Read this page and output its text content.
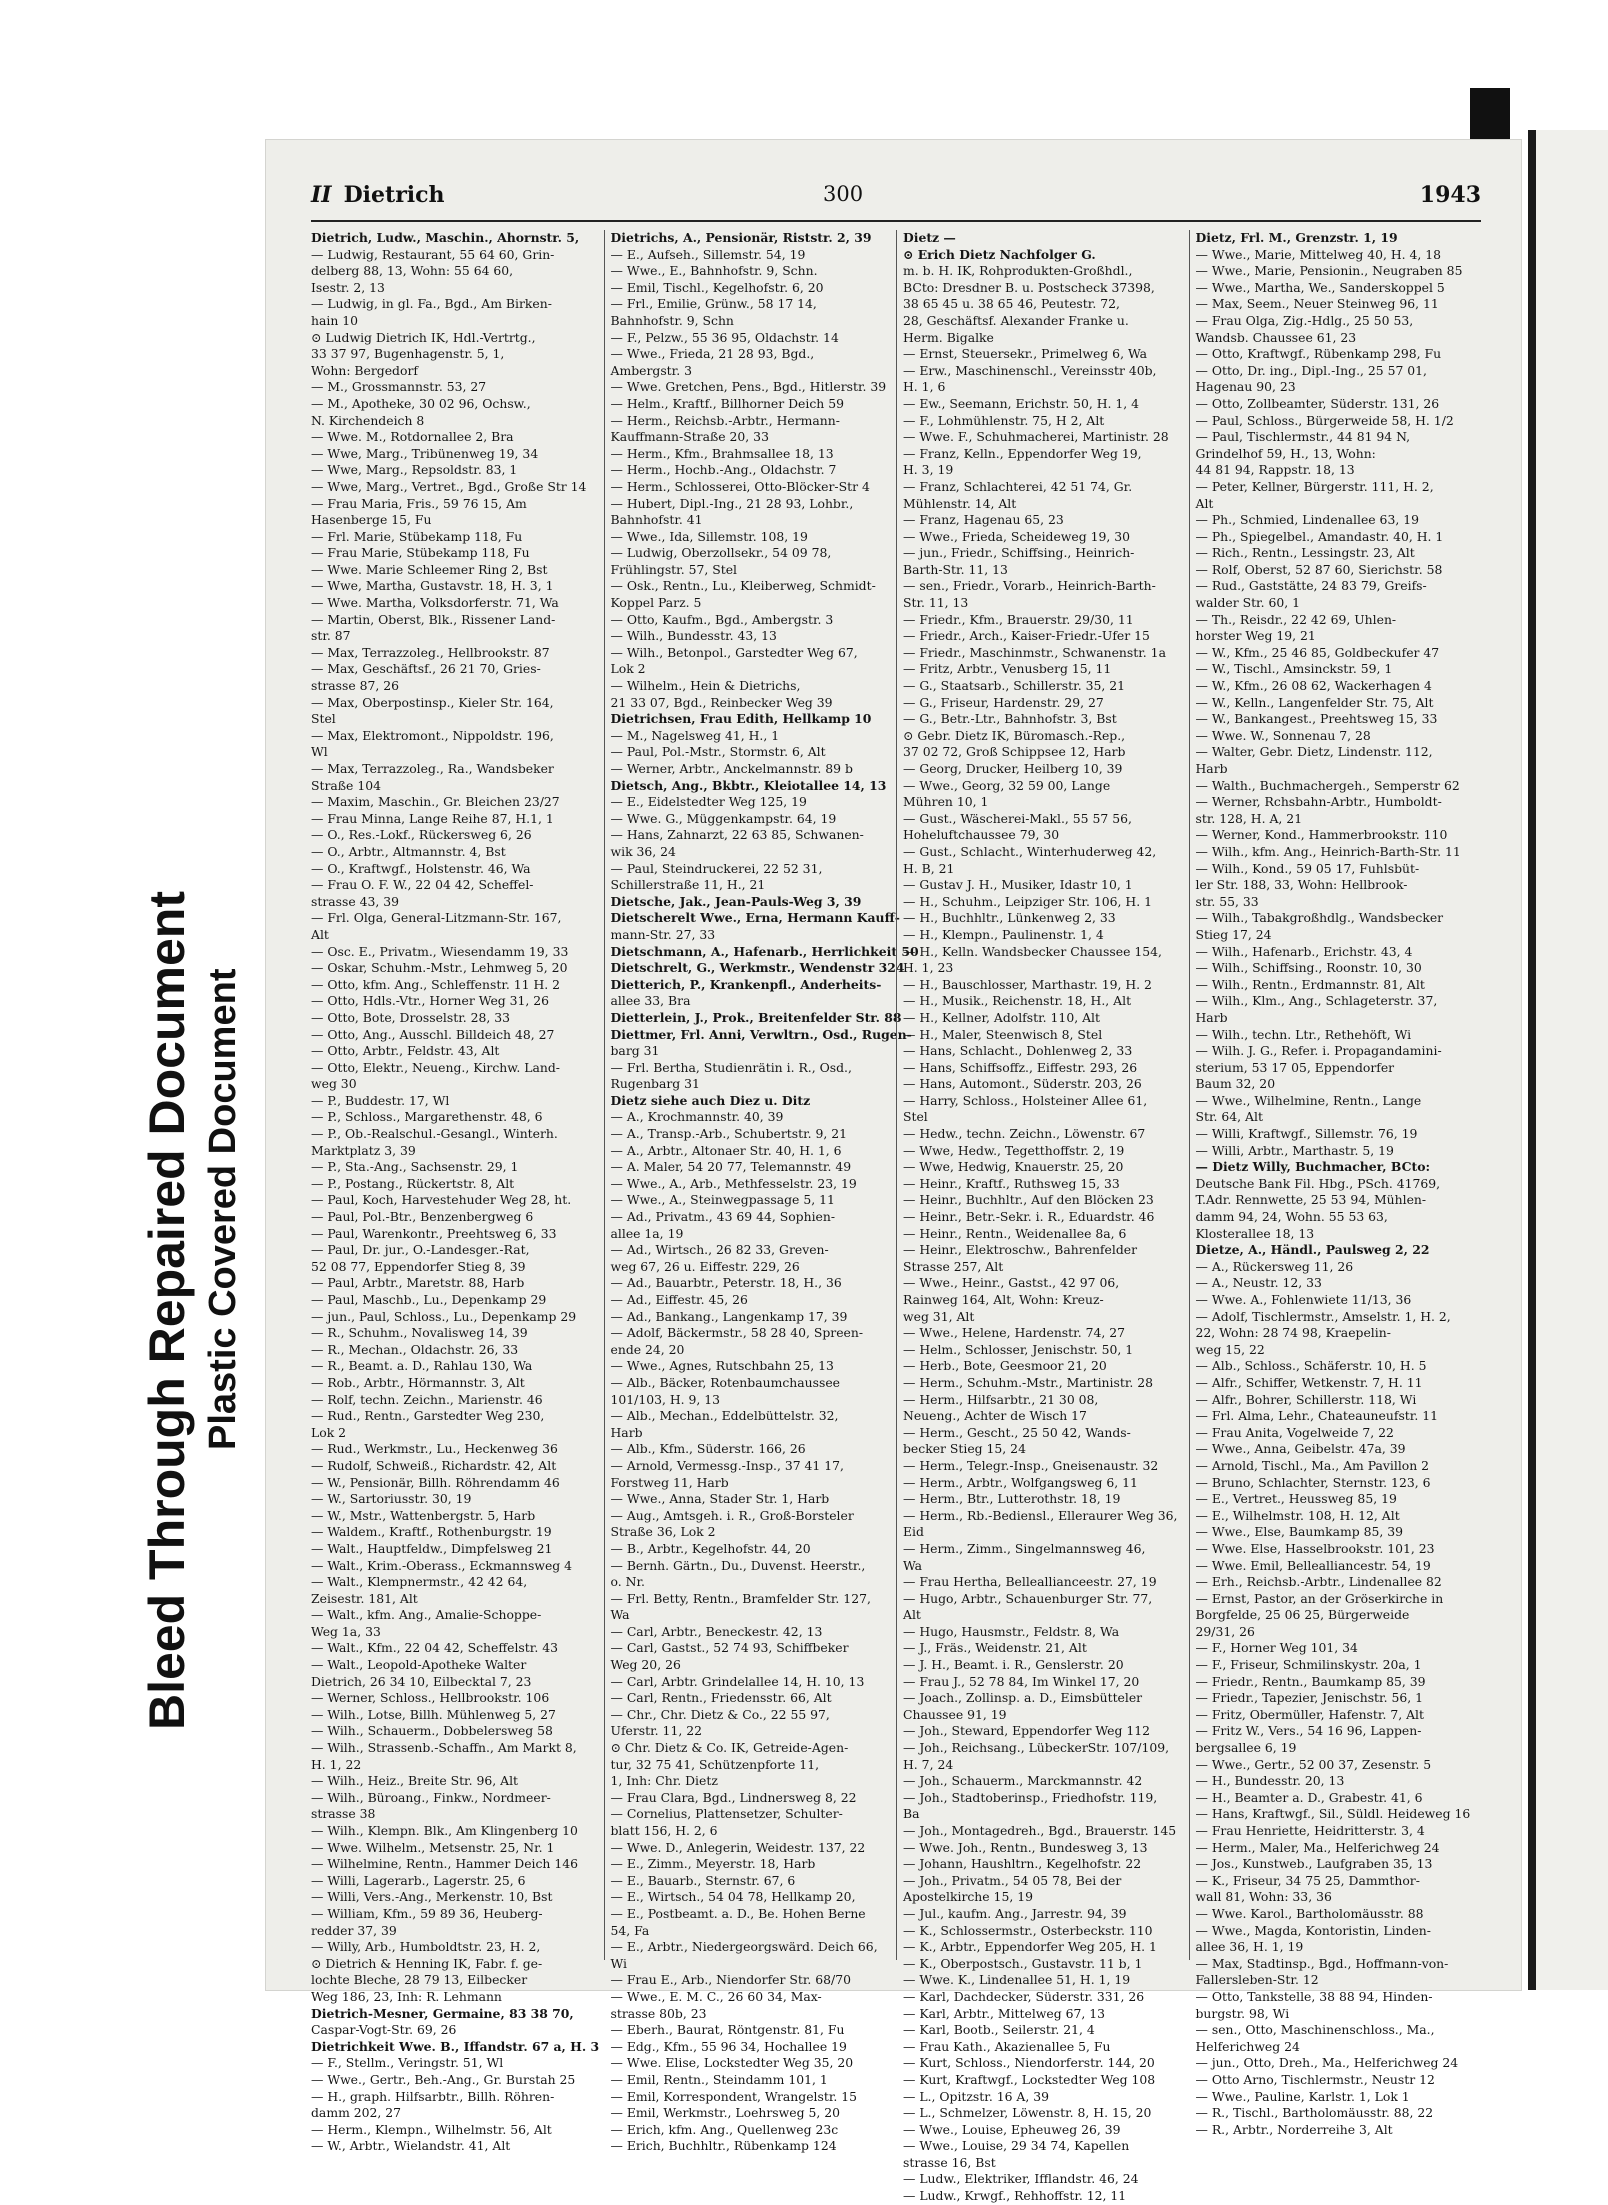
Bleed Through Repaired Document Plastic Covered Document
II Dietrich	300	1943
Dietrich, Ludw., Maschin., Ahornstr. 5,
— Ludwig, Restaurant, 55 64 60, Grin-
delberg 88, 13, Wohn: 55 64 60,
Isestr. 2, 13
— Ludwig, in gl. Fa., Bgd., Am Birken-
hain 10
⊙ Ludwig Dietrich IK, Hdl.-Vertrtg.,
33 37 97, Bugenhagenstr. 5, 1,
Wohn: Bergedorf
— M., Grossmannstr. 53, 27
— M., Apotheke, 30 02 96, Ochsw.,
N. Kirchendeich 8
— Wwe. M., Rotdornallee 2, Bra
— Wwe, Marg., Tribünenweg 19, 34
— Wwe, Marg., Repsoldstr. 83, 1
— Wwe, Marg., Vertret., Bgd., Große Str 14
— Frau Maria, Fris., 59 76 15, Am
Hasenberge 15, Fu
— Frl. Marie, Stübekamp 118, Fu
— Frau Marie, Stübekamp 118, Fu
— Wwe. Marie Schleemer Ring 2, Bst
— Wwe, Martha, Gustavstr. 18, H. 3, 1
— Wwe. Martha, Volksdorferstr. 71, Wa
— Martin, Oberst, Blk., Rissener Land-
str. 87
— Max, Terrazzoleg., Hellbrookstr. 87
— Max, Geschäftsf., 26 21 70, Gries-
strasse 87, 26
— Max, Oberpostinsp., Kieler Str. 164,
Stel
— Max, Elektromont., Nippoldstr. 196,
Wl
— Max, Terrazzoleg., Ra., Wandsbeker
Straße 104
— Maxim, Maschin., Gr. Bleichen 23/27
— Frau Minna, Lange Reihe 87, H.1, 1
— O., Res.-Lokf., Rückersweg 6, 26
— O., Arbtr., Altmannstr. 4, Bst
— O., Kraftwgf., Holstenstr. 46, Wa
— Frau O. F. W., 22 04 42, Scheffel-
strasse 43, 39
— Frl. Olga, General-Litzmann-Str. 167,
Alt
— Osc. E., Privatm., Wiesendamm 19, 33
— Oskar, Schuhm.-Mstr., Lehmweg 5, 20
— Otto, kfm. Ang., Schleffenstr. 11 H. 2
— Otto, Hdls.-Vtr., Horner Weg 31, 26
— Otto, Bote, Drosselstr. 28, 33
— Otto, Ang., Ausschl. Billdeich 48, 27
— Otto, Arbtr., Feldstr. 43, Alt
— Otto, Elektr., Neueng., Kirchw. Land-
weg 30
— P., Buddestr. 17, Wl
— P., Schloss., Margarethenstr. 48, 6
— P., Ob.-Realschul.-Gesangl., Winterh.
Marktplatz 3, 39
— P., Sta.-Ang., Sachsenstr. 29, 1
— P., Postang., Rückertstr. 8, Alt
— Paul, Koch, Harvestehuder Weg 28, ht.
— Paul, Pol.-Btr., Benzenbergweg 6
— Paul, Warenkontr., Preehtsweg 6, 33
— Paul, Dr. jur., O.-Landesger.-Rat,
52 08 77, Eppendorfer Stieg 8, 39
— Paul, Arbtr., Maretstr. 88, Harb
— Paul, Maschb., Lu., Depenkamp 29
— jun., Paul, Schloss., Lu., Depenkamp 29
— R., Schuhm., Novalisweg 14, 39
— R., Mechan., Oldachstr. 26, 33
— R., Beamt. a. D., Rahlau 130, Wa
— Rob., Arbtr., Hörmannstr. 3, Alt
— Rolf, techn. Zeichn., Marienstr. 46
— Rud., Rentn., Garstedter Weg 230,
Lok 2
— Rud., Werkmstr., Lu., Heckenweg 36
— Rudolf, Schweiß., Richardstr. 42, Alt
— W., Pensionär, Billh. Röhrendamm 46
— W., Sartoriusstr. 30, 19
— W., Mstr., Wattenbergstr. 5, Harb
— Waldem., Kraftf., Rothenburgstr. 19
— Walt., Hauptfeldw., Dimpfelsweg 21
— Walt., Krim.-Oberass., Eckmannsweg 4
— Walt., Klempnermstr., 42 42 64,
Zeisestr. 181, Alt
— Walt., kfm. Ang., Amalie-Schoppe-
Weg 1a, 33
— Walt., Kfm., 22 04 42, Scheffelstr. 43
— Walt., Leopold-Apotheke Walter
Dietrich, 26 34 10, Eilbecktal 7, 23
— Werner, Schloss., Hellbrookstr. 106
— Wilh., Lotse, Billh. Mühlenweg 5, 27
— Wilh., Schauerm., Dobbelersweg 58
— Wilh., Strassenb.-Schaffn., Am Markt 8,
H. 1, 22
— Wilh., Heiz., Breite Str. 96, Alt
— Wilh., Büroang., Finkw., Nordmeer-
strasse 38
— Wilh., Klempn. Blk., Am Klingenberg 10
— Wwe. Wilhelm., Metsenstr. 25, Nr. 1
— Wilhelmine, Rentn., Hammer Deich 146
— Willi, Lagerarb., Lagerstr. 25, 6
— Willi, Vers.-Ang., Merkenstr. 10, Bst
— William, Kfm., 59 89 36, Heuberg-
redder 37, 39
— Willy, Arb., Humboldtstr. 23, H. 2,
⊙ Dietrich & Henning IK, Fabr. f. ge-
lochte Bleche, 28 79 13, Eilbecker
Weg 186, 23, Inh: R. Lehmann
Dietrich-Mesner, Germaine, 83 38 70,
Caspar-Vogt-Str. 69, 26
Dietrichkeit Wwe. B., Iffandstr. 67 a, H. 3
— F., Stellm., Veringstr. 51, Wl
— Wwe., Gertr., Beh.-Ang., Gr. Burstah 25
— H., graph. Hilfsarbtr., Billh. Röhren-
damm 202, 27
— Herm., Klempn., Wilhelmstr. 56, Alt
— W., Arbtr., Wielandstr. 41, Alt
Dietrichs, A., Pensionär, Riststr. 2, 39
— E., Aufseh., Sillemstr. 54, 19
— Wwe., E., Bahnhofstr. 9, Schn.
— Emil, Tischl., Kegelhofstr. 6, 20
— Frl., Emilie, Grünw., 58 17 14,
Bahnhofstr. 9, Schn
— F., Pelzw., 55 36 95, Oldachstr. 14
— Wwe., Frieda, 21 28 93, Bgd.,
Ambergstr. 3
— Wwe. Gretchen, Pens., Bgd., Hitlerstr. 39
— Helm., Kraftf., Billhorner Deich 59
— Herm., Reichsb.-Arbtr., Hermann-
Kauffmann-Straße 20, 33
— Herm., Kfm., Brahmsallee 18, 13
— Herm., Hochb.-Ang., Oldachstr. 7
— Herm., Schlosserei, Otto-Blöcker-Str 4
— Hubert, Dipl.-Ing., 21 28 93, Lohbr.,
Bahnhofstr. 41
— Wwe., Ida, Sillemstr. 108, 19
— Ludwig, Oberzollsekr., 54 09 78,
Frühlingstr. 57, Stel
— Osk., Rentn., Lu., Kleiberweg, Schmidt-
Koppel Parz. 5
— Otto, Kaufm., Bgd., Ambergstr. 3
— Wilh., Bundesstr. 43, 13
— Wilh., Betonpol., Garstedter Weg 67,
Lok 2
— Wilhelm., Hein & Dietrichs,
21 33 07, Bgd., Reinbecker Weg 39
Dietrichsen, Frau Edith, Hellkamp 10
— M., Nagelsweg 41, H., 1
— Paul, Pol.-Mstr., Stormstr. 6, Alt
— Werner, Arbtr., Anckelmannstr. 89 b
Dietsch, Ang., Bkbtr., Kleiotallee 14, 13
— E., Eidelstedter Weg 125, 19
— Wwe. G., Müggenkampstr. 64, 19
— Hans, Zahnarzt, 22 63 85, Schwanen-
wik 36, 24
— Paul, Steindruckerei, 22 52 31,
Schillerstraße 11, H., 21
Dietsche, Jak., Jean-Pauls-Weg 3, 39
Dietscherelt Wwe., Erna, Hermann Kauff-
mann-Str. 27, 33
Dietschmann, A., Hafenarb., Herrlichkeit 50
Dietschrelt, G., Werkmstr., Wendenstr 324
Dietterich, P., Krankenpfl., Anderheits-
allee 33, Bra
Dietterlein, J., Prok., Breitenfelder Str. 88
Diettmer, Frl. Anni, Verwltrn., Osd., Rugen-
barg 31
— Frl. Bertha, Studienrätin i. R., Osd.,
Rugenbarg 31
Dietz siehe auch Diez u. Ditz
— A., Krochmannstr. 40, 39
— A., Transp.-Arb., Schubertstr. 9, 21
— A., Arbtr., Altonaer Str. 40, H. 1, 6
— A. Maler, 54 20 77, Telemannstr. 49
— Wwe., A., Arb., Methfesselstr. 23, 19
— Wwe., A., Steinwegpassage 5, 11
— Ad., Privatm., 43 69 44, Sophien-
allee 1a, 19
— Ad., Wirtsch., 26 82 33, Greven-
weg 67, 26 u. Eiffestr. 229, 26
— Ad., Bauarbtr., Peterstr. 18, H., 36
— Ad., Eiffestr. 45, 26
— Ad., Bankang., Langenkamp 17, 39
— Adolf, Bäckermstr., 58 28 40, Spreen-
ende 24, 20
— Wwe., Agnes, Rutschbahn 25, 13
— Alb., Bäcker, Rotenbaumchaussee
101/103, H. 9, 13
— Alb., Mechan., Eddelbüttelstr. 32,
Harb
— Alb., Kfm., Süderstr. 166, 26
— Arnold, Vermessg.-Insp., 37 41 17,
Forstweg 11, Harb
— Wwe., Anna, Stader Str. 1, Harb
— Aug., Amtsgeh. i. R., Groß-Borsteler
Straße 36, Lok 2
— B., Arbtr., Kegelhofstr. 44, 20
— Bernh. Gärtn., Du., Duvenst. Heerstr.,
o. Nr.
— Frl. Betty, Rentn., Bramfelder Str. 127,
Wa
— Carl, Arbtr., Beneckestr. 42, 13
— Carl, Gastst., 52 74 93, Schiffbeker
Weg 20, 26
— Carl, Arbtr. Grindelallee 14, H. 10, 13
— Carl, Rentn., Friedensstr. 66, Alt
— Chr., Chr. Dietz & Co., 22 55 97,
Uferstr. 11, 22
⊙ Chr. Dietz & Co. IK, Getreide-Agen-
tur, 32 75 41, Schützenpforte 11,
1, Inh: Chr. Dietz
— Frau Clara, Bgd., Lindnersweg 8, 22
— Cornelius, Plattensetzer, Schulter-
blatt 156, H. 2, 6
— Wwe. D., Anlegerin, Weidestr. 137, 22
— E., Zimm., Meyerstr. 18, Harb
— E., Bauarb., Sternstr. 67, 6
— E., Wirtsch., 54 04 78, Hellkamp 20,
— E., Postbeamt. a. D., Be. Hohen Berne
54, Fa
— E., Arbtr., Niedergeorgswärd. Deich 66,
Wi
— Frau E., Arb., Niendorfer Str. 68/70
— Wwe., E. M. C., 26 60 34, Max-
strasse 80b, 23
— Eberh., Baurat, Röntgenstr. 81, Fu
— Edg., Kfm., 55 96 34, Hochallee 19
— Wwe. Elise, Lockstedter Weg 35, 20
— Emil, Rentn., Steindamm 101, 1
— Emil, Korrespondent, Wrangelstr. 15
— Emil, Werkmstr., Loehrsweg 5, 20
— Erich, kfm. Ang., Quellenweg 23c
— Erich, Buchhltr., Rübenkamp 124
Dietz —
⊙ Erich Dietz Nachfolger G.
m. b. H. IK, Rohprodukten-Großhdl.,
BCto: Dresdner B. u. Postscheck 37398,
38 65 45 u. 38 65 46, Peutestr. 72,
28, Geschäftsf. Alexander Franke u.
Herm. Bigalke
— Ernst, Steuersekr., Primelweg 6, Wa
— Erw., Maschinenschl., Vereinsstr 40b,
H. 1, 6
— Ew., Seemann, Erichstr. 50, H. 1, 4
— F., Lohmühlenstr. 75, H 2, Alt
— Wwe. F., Schuhmacherei, Martinistr. 28
— Franz, Kelln., Eppendorfer Weg 19,
H. 3, 19
— Franz, Schlachterei, 42 51 74, Gr.
Mühlenstr. 14, Alt
— Franz, Hagenau 65, 23
— Wwe., Frieda, Scheideweg 19, 30
— jun., Friedr., Schiffsing., Heinrich-
Barth-Str. 11, 13
— sen., Friedr., Vorarb., Heinrich-Barth-
Str. 11, 13
— Friedr., Kfm., Brauerstr. 29/30, 11
— Friedr., Arch., Kaiser-Friedr.-Ufer 15
— Friedr., Maschinmstr., Schwanenstr. 1a
— Fritz, Arbtr., Venusberg 15, 11
— G., Staatsarb., Schillerstr. 35, 21
— G., Friseur, Hardenstr. 29, 27
— G., Betr.-Ltr., Bahnhofstr. 3, Bst
⊙ Gebr. Dietz IK, Büromasch.-Rep.,
37 02 72, Groß Schippsee 12, Harb
— Georg, Drucker, Heilberg 10, 39
— Wwe., Georg, 32 59 00, Lange
Mühren 10, 1
— Gust., Wäscherei-Makl., 55 57 56,
Hoheluftchaussee 79, 30
— Gust., Schlacht., Winterhuderweg 42,
H. B, 21
— Gustav J. H., Musiker, Idastr 10, 1
— H., Schuhm., Leipziger Str. 106, H. 1
— H., Buchhltr., Lünkenweg 2, 33
— H., Klempn., Paulinenstr. 1, 4
— H., Kelln. Wandsbecker Chaussee 154,
H. 1, 23
— H., Bauschlosser, Marthastr. 19, H. 2
— H., Musik., Reichenstr. 18, H., Alt
— H., Kellner, Adolfstr. 110, Alt
— H., Maler, Steenwisch 8, Stel
— Hans, Schlacht., Dohlenweg 2, 33
— Hans, Schiffsoffz., Eiffestr. 293, 26
— Hans, Automont., Süderstr. 203, 26
— Harry, Schloss., Holsteiner Allee 61,
Stel
— Hedw., techn. Zeichn., Löwenstr. 67
— Wwe, Hedw., Tegetthoffstr. 2, 19
— Wwe, Hedwig, Knauerstr. 25, 20
— Heinr., Kraftf., Ruthsweg 15, 33
— Heinr., Buchhltr., Auf den Blöcken 23
— Heinr., Betr.-Sekr. i. R., Eduardstr. 46
— Heinr., Rentn., Weidenallee 8a, 6
— Heinr., Elektroschw., Bahrenfelder
Strasse 257, Alt
— Wwe., Heinr., Gastst., 42 97 06,
Rainweg 164, Alt, Wohn: Kreuz-
weg 31, Alt
— Wwe., Helene, Hardenstr. 74, 27
— Helm., Schlosser, Jenischstr. 50, 1
— Herb., Bote, Geesmoor 21, 20
— Herm., Schuhm.-Mstr., Martinistr. 28
— Herm., Hilfsarbtr., 21 30 08,
Neueng., Achter de Wisch 17
— Herm., Gescht., 25 50 42, Wands-
becker Stieg 15, 24
— Herm., Telegr.-Insp., Gneisenaustr. 32
— Herm., Arbtr., Wolfgangsweg 6, 11
— Herm., Btr., Lutterothstr. 18, 19
— Herm., Rb.-Bediensl., Elleraurer Weg 36,
Eid
— Herm., Zimm., Singelmannsweg 46,
Wa
— Frau Hertha, Belleallianceestr. 27, 19
— Hugo, Arbtr., Schauenburger Str. 77,
Alt
— Hugo, Hausmstr., Feldstr. 8, Wa
— J., Fräs., Weidenstr. 21, Alt
— J. H., Beamt. i. R., Genslerstr. 20
— Frau J., 52 78 84, Im Winkel 17, 20
— Joach., Zollinsp. a. D., Eimsbütteler
Chaussee 91, 19
— Joh., Steward, Eppendorfer Weg 112
— Joh., Reichsang., LübeckerStr. 107/109,
H. 7, 24
— Joh., Schauerm., Marckmannstr. 42
— Joh., Stadtoberinsp., Friedhofstr. 119,
Ba
— Joh., Montagedreh., Bgd., Brauerstr. 145
— Wwe. Joh., Rentn., Bundesweg 3, 13
— Johann, Haushltrn., Kegelhofstr. 22
— Joh., Privatm., 54 05 78, Bei der
Apostelkirche 15, 19
— Jul., kaufm. Ang., Jarrestr. 94, 39
— K., Schlossermstr., Osterbeckstr. 110
— K., Arbtr., Eppendorfer Weg 205, H. 1
— K., Oberpostsch., Gustavstr. 11 b, 1
— Wwe. K., Lindenallee 51, H. 1, 19
— Karl, Dachdecker, Süderstr. 331, 26
— Karl, Arbtr., Mittelweg 67, 13
— Karl, Bootb., Seilerstr. 21, 4
— Frau Kath., Akazienallee 5, Fu
— Kurt, Schloss., Niendorferstr. 144, 20
— Kurt, Kraftwgf., Lockstedter Weg 108
— L., Opitzstr. 16 A, 39
— L., Schmelzer, Löwenstr. 8, H. 15, 20
— Wwe., Louise, Epheuweg 26, 39
— Wwe., Louise, 29 34 74, Kapellen
strasse 16, Bst
— Ludw., Elektriker, Ifflandstr. 46, 24
— Ludw., Krwgf., Rehhoffstr. 12, 11
Dietz, Frl. M., Grenzstr. 1, 19
— Wwe., Marie, Mittelweg 40, H. 4, 18
— Wwe., Marie, Pensionin., Neugraben 85
— Wwe., Martha, We., Sanderskoppel 5
— Max, Seem., Neuer Steinweg 96, 11
— Frau Olga, Zig.-Hdlg., 25 50 53,
Wandsb. Chaussee 61, 23
— Otto, Kraftwgf., Rübenkamp 298, Fu
— Otto, Dr. ing., Dipl.-Ing., 25 57 01,
Hagenau 90, 23
— Otto, Zollbeamter, Süderstr. 131, 26
— Paul, Schloss., Bürgerweide 58, H. 1/2
— Paul, Tischlermstr., 44 81 94 N,
Grindelhof 59, H., 13, Wohn:
44 81 94, Rappstr. 18, 13
— Peter, Kellner, Bürgerstr. 111, H. 2,
Alt
— Ph., Schmied, Lindenallee 63, 19
— Ph., Spiegelbel., Amandastr. 40, H. 1
— Rich., Rentn., Lessingstr. 23, Alt
— Rolf, Oberst, 52 87 60, Sierichstr. 58
— Rud., Gaststätte, 24 83 79, Greifs-
walder Str. 60, 1
— Th., Reisdr., 22 42 69, Uhlen-
horster Weg 19, 21
— W., Kfm., 25 46 85, Goldbeckufer 47
— W., Tischl., Amsinckstr. 59, 1
— W., Kfm., 26 08 62, Wackerhagen 4
— W., Kelln., Langenfelder Str. 75, Alt
— W., Bankangest., Preehtsweg 15, 33
— Wwe. W., Sonnenau 7, 28
— Walter, Gebr. Dietz, Lindenstr. 112,
Harb
— Walth., Buchmachergeh., Semperstr 62
— Werner, Rchsbahn-Arbtr., Humboldt-
str. 128, H. A, 21
— Werner, Kond., Hammerbrookstr. 110
— Wilh., kfm. Ang., Heinrich-Barth-Str. 11
— Wilh., Kond., 59 05 17, Fuhlsbüt-
ler Str. 188, 33, Wohn: Hellbrook-
str. 55, 33
— Wilh., Tabakgroßhdlg., Wandsbecker
Stieg 17, 24
— Wilh., Hafenarb., Erichstr. 43, 4
— Wilh., Schiffsing., Roonstr. 10, 30
— Wilh., Rentn., Erdmannstr. 81, Alt
— Wilh., Klm., Ang., Schlageterstr. 37,
Harb
— Wilh., techn. Ltr., Rethehöft, Wi
— Wilh. J. G., Refer. i. Propagandamini-
sterium, 53 17 05, Eppendorfer
Baum 32, 20
— Wwe., Wilhelmine, Rentn., Lange
Str. 64, Alt
— Willi, Kraftwgf., Sillemstr. 76, 19
— Willi, Arbtr., Marthastr. 5, 19
— Dietz Willy, Buchmacher, BCto:
Deutsche Bank Fil. Hbg., PSch. 41769,
T.Adr. Rennwette, 25 53 94, Mühlen-
damm 94, 24, Wohn. 55 53 63,
Klosterallee 18, 13
Dietze, A., Händl., Paulsweg 2, 22
— A., Rückersweg 11, 26
— A., Neustr. 12, 33
— Wwe. A., Fohlenwiete 11/13, 36
— Adolf, Tischlermstr., Amselstr. 1, H. 2,
22, Wohn: 28 74 98, Kraepelin-
weg 15, 22
— Alb., Schloss., Schäferstr. 10, H. 5
— Alfr., Schiffer, Wetkenstr. 7, H. 11
— Alfr., Bohrer, Schillerstr. 118, Wi
— Frl. Alma, Lehr., Chateauneufstr. 11
— Frau Anita, Vogelweide 7, 22
— Wwe., Anna, Geibelstr. 47a, 39
— Arnold, Tischl., Ma., Am Pavillon 2
— Bruno, Schlachter, Sternstr. 123, 6
— E., Vertret., Heussweg 85, 19
— E., Wilhelmstr. 108, H. 12, Alt
— Wwe., Else, Baumkamp 85, 39
— Wwe. Else, Hasselbrookstr. 101, 23
— Wwe. Emil, Bellealliancestr. 54, 19
— Erh., Reichsb.-Arbtr., Lindenallee 82
— Ernst, Pastor, an der Gröserkirche in
Borgfelde, 25 06 25, Bürgerweide
29/31, 26
— F., Horner Weg 101, 34
— F., Friseur, Schmilinskystr. 20a, 1
— Friedr., Rentn., Baumkamp 85, 39
— Friedr., Tapezier, Jenischstr. 56, 1
— Fritz, Obermüller, Hafenstr. 7, Alt
— Fritz W., Vers., 54 16 96, Lappen-
bergsallee 6, 19
— Wwe., Gertr., 52 00 37, Zesenstr. 5
— H., Bundesstr. 20, 13
— H., Beamter a. D., Grabestr. 41, 6
— Hans, Kraftwgf., Sil., Süldl. Heideweg 16
— Frau Henriette, Heidritterstr. 3, 4
— Herm., Maler, Ma., Helferichweg 24
— Jos., Kunstweb., Laufgraben 35, 13
— K., Friseur, 34 75 25, Dammthor-
wall 81, Wohn: 33, 36
— Wwe. Karol., Bartholomäusstr. 88
— Wwe., Magda, Kontoristin, Linden-
allee 36, H. 1, 19
— Max, Stadtinsp., Bgd., Hoffmann-von-
Fallersleben-Str. 12
— Otto, Tankstelle, 38 88 94, Hinden-
burgstr. 98, Wi
— sen., Otto, Maschinenschloss., Ma.,
Helferichweg 24
— jun., Otto, Dreh., Ma., Helferichweg 24
— Otto Arno, Tischlermstr., Neustr 12
— Wwe., Pauline, Karlstr. 1, Lok 1
— R., Tischl., Bartholomäusstr. 88, 22
— R., Arbtr., Norderreihe 3, Alt
